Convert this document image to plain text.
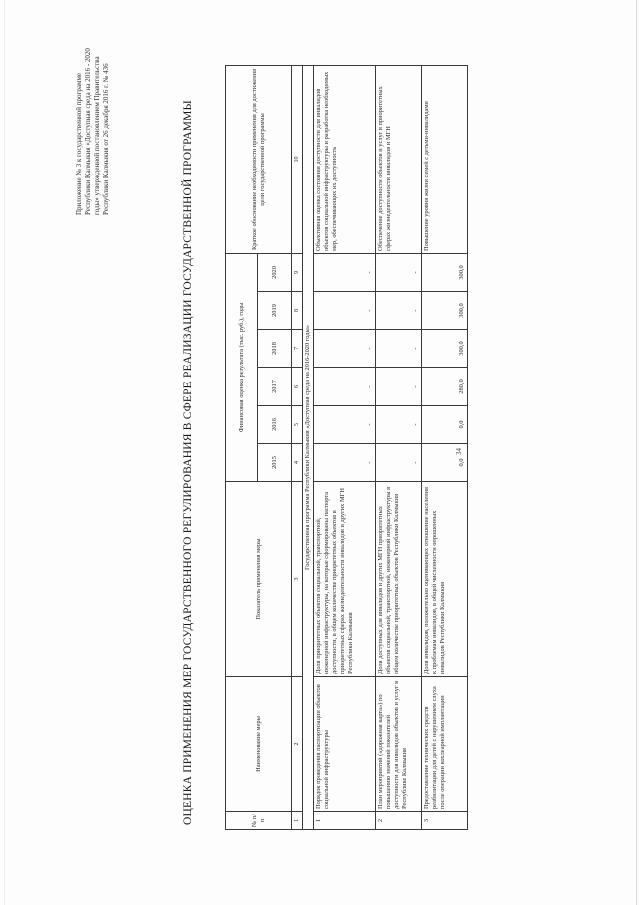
Приложение № 3 к государственной программе Республики Калмыкия «Доступная среда на 2016 - 2020 годы» утвержденной постановлением Правительства Республики Калмыкия от 26 декабря 2016 г. № 436	ОЦЕНКА ПРИМЕНЕНИЯ МЕР ГОСУДАРСТВЕННОГО РЕГУЛИРОВАНИЯ В СФЕРЕ РЕАЛИЗАЦИИ ГОСУДАРСТВЕННОЙ ПРОГРАММЫ	№ п/п	Наименование меры	Показатель применения меры	Финансовая оценка результата (тыс. руб.), годы						Краткое обоснование необходимости применения для достижения цели государственной программы
			2015	2016	2017	2018	2019	2020	
1	2	3	4	5	6	7	8	9	10
Государственная программа Республики Калмыкия «Доступная среда на 2016-2020 годы»									
1	Порядок проведения паспортизации объектов социальной инфраструктуры	Доля приоритетных объектов социальной, транспортной, инженерной инфраструктуры, на которые сформированы паспорта доступности, в общем количестве приоритетных объектов в приоритетных сферах жизнедеятельности инвалидов и других МГН Республики Калмыкия	-	-	-	-	-	-	Объективная оценка состояния доступности для инвалидов объектов социальной инфраструктуры и разработка необходимых мер, обеспечивающих их доступность
2	План мероприятий («дорожная карта») по повышению значений показателей доступности для инвалидов объектов и услуг в Республике Калмыкия	Доля доступных для инвалидов и других МГН приоритетных объектов социальной, транспортной, инженерной инфраструктуры в общем количестве приоритетных объектов Республики Калмыкия	-	-	-	-	-	-	Обеспечение доступности объектов и услуг в приоритетных сферах жизнедеятельности инвалидов и МГН
3	Предоставление технических средств реабилитации для детей с нарушением слуха после операции кохлеарной имплантации	Доля инвалидов, положительно оценивающих отношение населения к проблемам инвалидов, в общей численности опрошенных инвалидов Республики Калмыкия	0,0	0,0	280,0	300,0	300,0	300,0	Повышение уровня жизни семей с детьми-инвалидами
34
